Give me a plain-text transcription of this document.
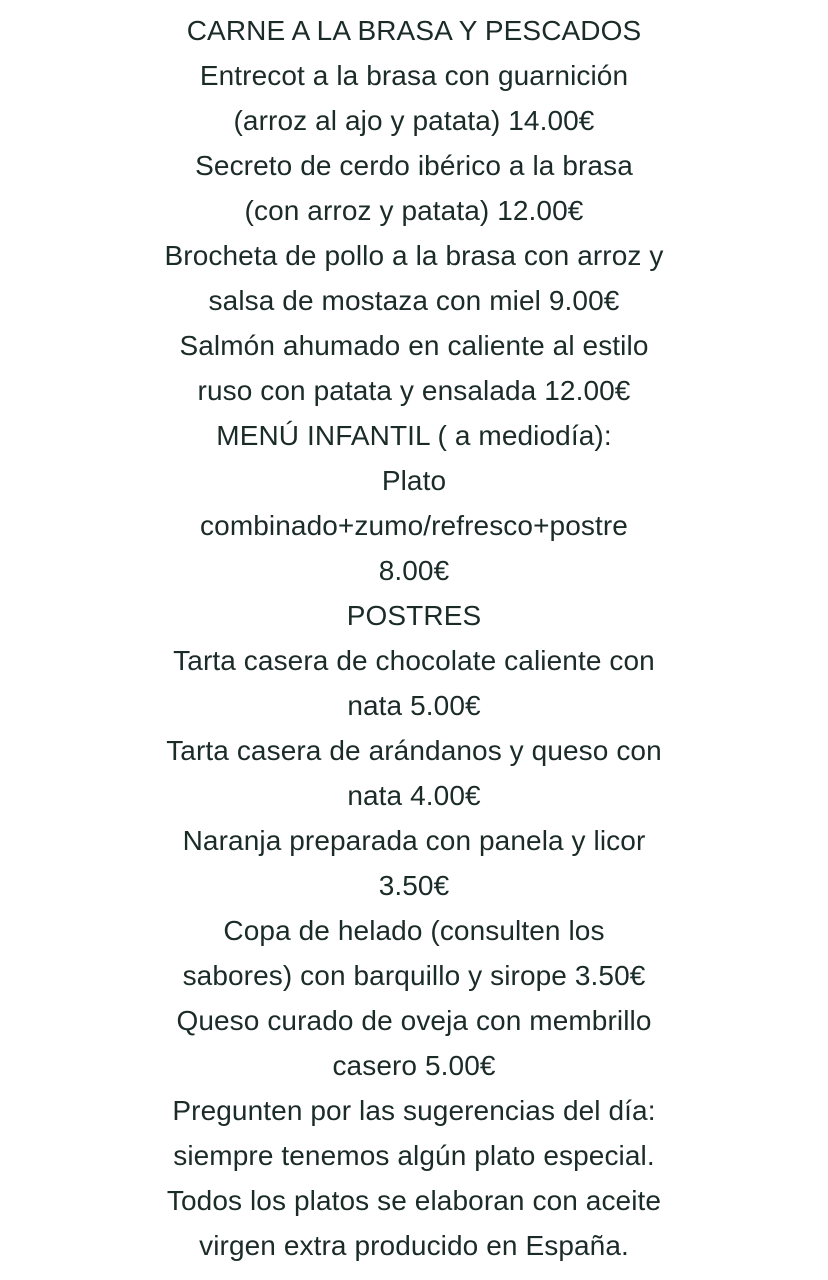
CARNE A LA BRASA Y PESCADOS
Entrecot a la brasa con guarnición
(arroz al ajo y patata) 14.00€
Secreto de cerdo ibérico a la brasa
(con arroz y patata) 12.00€
Brocheta de pollo a la brasa con arroz y
salsa de mostaza con miel 9.00€
Salmón ahumado en caliente al estilo
ruso con patata y ensalada 12.00€
MENÚ INFANTIL ( a mediodía):
Plato
combinado+zumo/refresco+postre
8.00€
POSTRES
Tarta casera de chocolate caliente con
nata 5.00€
Tarta casera de arándanos y queso con
nata 4.00€
Naranja preparada con panela y licor
3.50€
Copa de helado (consulten los
sabores) con barquillo y sirope 3.50€
Queso curado de oveja con membrillo
casero 5.00€
Pregunten por las sugerencias del día:
siempre tenemos algún plato especial.
Todos los platos se elaboran con aceite
virgen extra producido en España.
